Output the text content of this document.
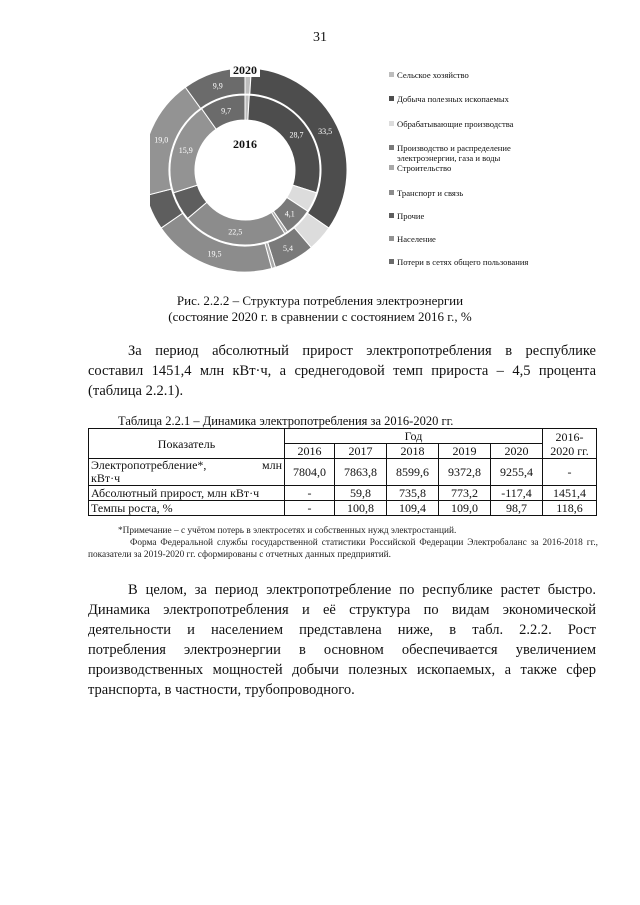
31
33,5
5,4
19,5
19,0
9,9
28,7
4,1
22,5
15,9
9,7
2020
2016
Сельское хозяйство
Добыча полезных ископаемых
Обрабатывающие производства
Производство и распределение электроэнергии, газа и воды
Строительство
Транспорт и связь
Прочие
Население
Потери в сетях общего пользования
Рис. 2.2.2 – Структура потребления электроэнергии
(состояние 2020 г. в сравнении с состоянием 2016 г., %
За период абсолютный прирост электропотребления в республике
составил 1451,4 млн кВт·ч, а среднегодовой темп прироста – 4,5 процента
(таблица 2.2.1).
Таблица 2.2.1 – Динамика электропотребления за 2016-2020 гг.
Показатель	Год					2016-2020 гг.
	2016	2017	2018	2019	2020	

Электропотребление*, млн
кВт·ч	7804,0	7863,8	8599,6	9372,8	9255,4	-
Абсолютный прирост, млн кВт·ч	-	59,8	735,8	773,2	-117,4	1451,4
Темпы роста, %	-	100,8	109,4	109,0	98,7	118,6
*Примечание – с учётом потерь в электросетях и собственных нужд электростанций.
Форма Федеральной службы государственной статистики Российской Федерации Электробаланс за 2016-2018 гг., показатели за 2019-2020 гг. сформированы с отчетных данных предприятий.
В целом, за период электропотребление по республике растет быстро.
Динамика электропотребления и её структура по видам экономической
деятельности и населением представлена ниже, в табл. 2.2.2. Рост
потребления электроэнергии в основном обеспечивается увеличением
производственных мощностей добычи полезных ископаемых, а также сфер
транспорта, в частности, трубопроводного.
